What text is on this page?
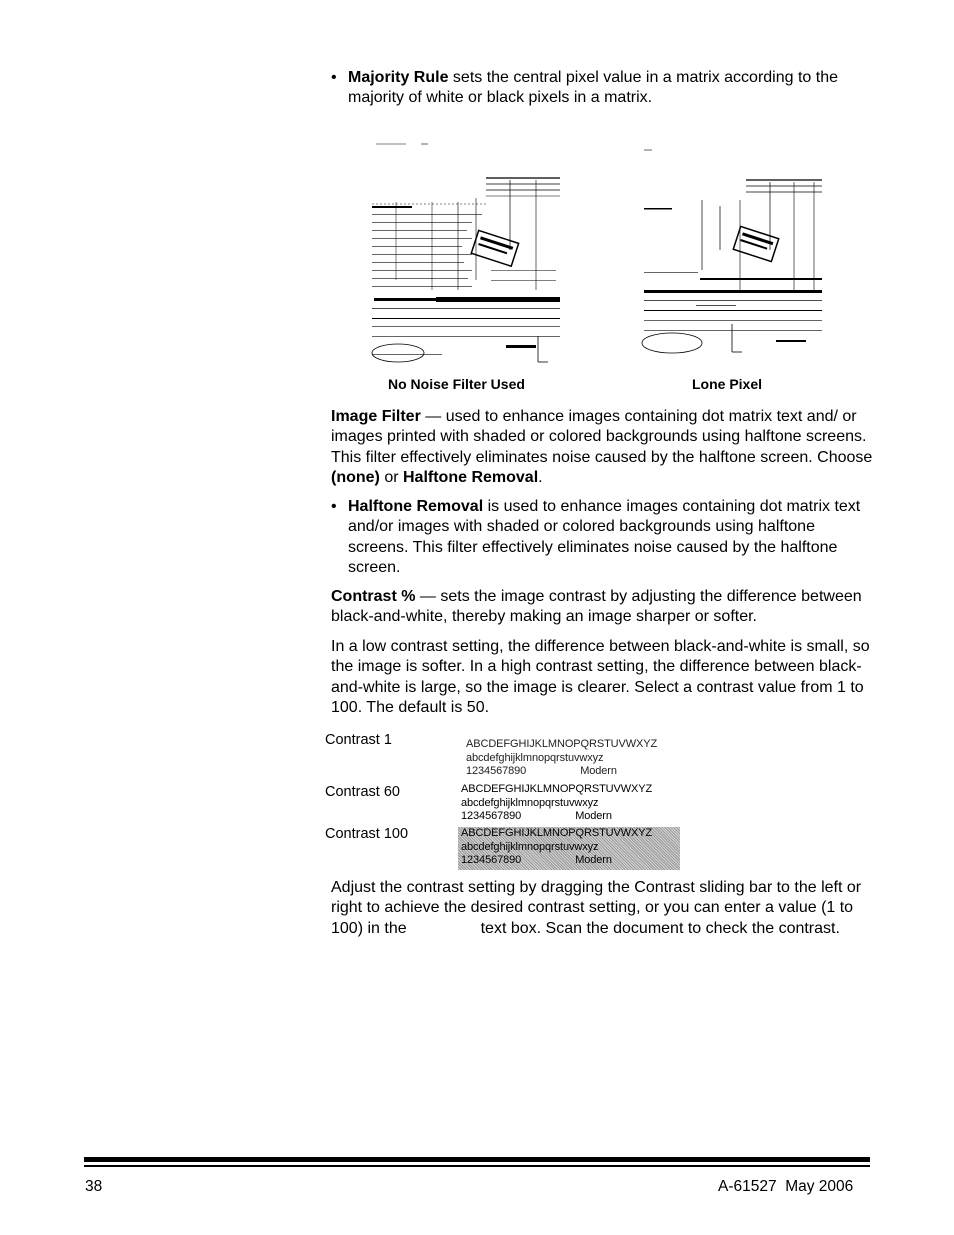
• Majority Rule sets the central pixel value in a matrix according to the majority of white or black pixels in a matrix.
No Noise Filter Used	Lone Pixel

Image Filter — used to enhance images containing dot matrix text and/ or images printed with shaded or colored backgrounds using halftone screens. This filter effectively eliminates noise caused by the halftone screen. Choose (none) or Halftone Removal.

• Halftone Removal is used to enhance images containing dot matrix text and/or images with shaded or colored backgrounds using halftone screens. This filter effectively eliminates noise caused by the halftone screen.

Contrast % — sets the image contrast by adjusting the difference between black-and-white, thereby making an image sharper or softer.

In a low contrast setting, the difference between black-and-white is small, so the image is softer. In a high contrast setting, the difference between black-and-white is large, so the image is clearer. Select a contrast value from 1 to 100. The default is 50.

Contrast 1	ABCDEFGHIJKLMNOPQRSTUVWXYZ
abcdefghijklmnopqrstuvwxyz
1234567890	Modern
Contrast 60	ABCDEFGHIJKLMNOPQRSTUVWXYZ
abcdefghijklmnopqrstuvwxyz
1234567890	Modern
Contrast 100	ABCDEFGHIJKLMNOPQRSTUVWXYZ
abcdefghijklmnopqrstuvwxyz
1234567890	Modern

Adjust the contrast setting by dragging the Contrast sliding bar to the left or right to achieve the desired contrast setting, or you can enter a value (1 to 100) in the	text box. Scan the document to check the contrast.

38	A-61527  May 2006
